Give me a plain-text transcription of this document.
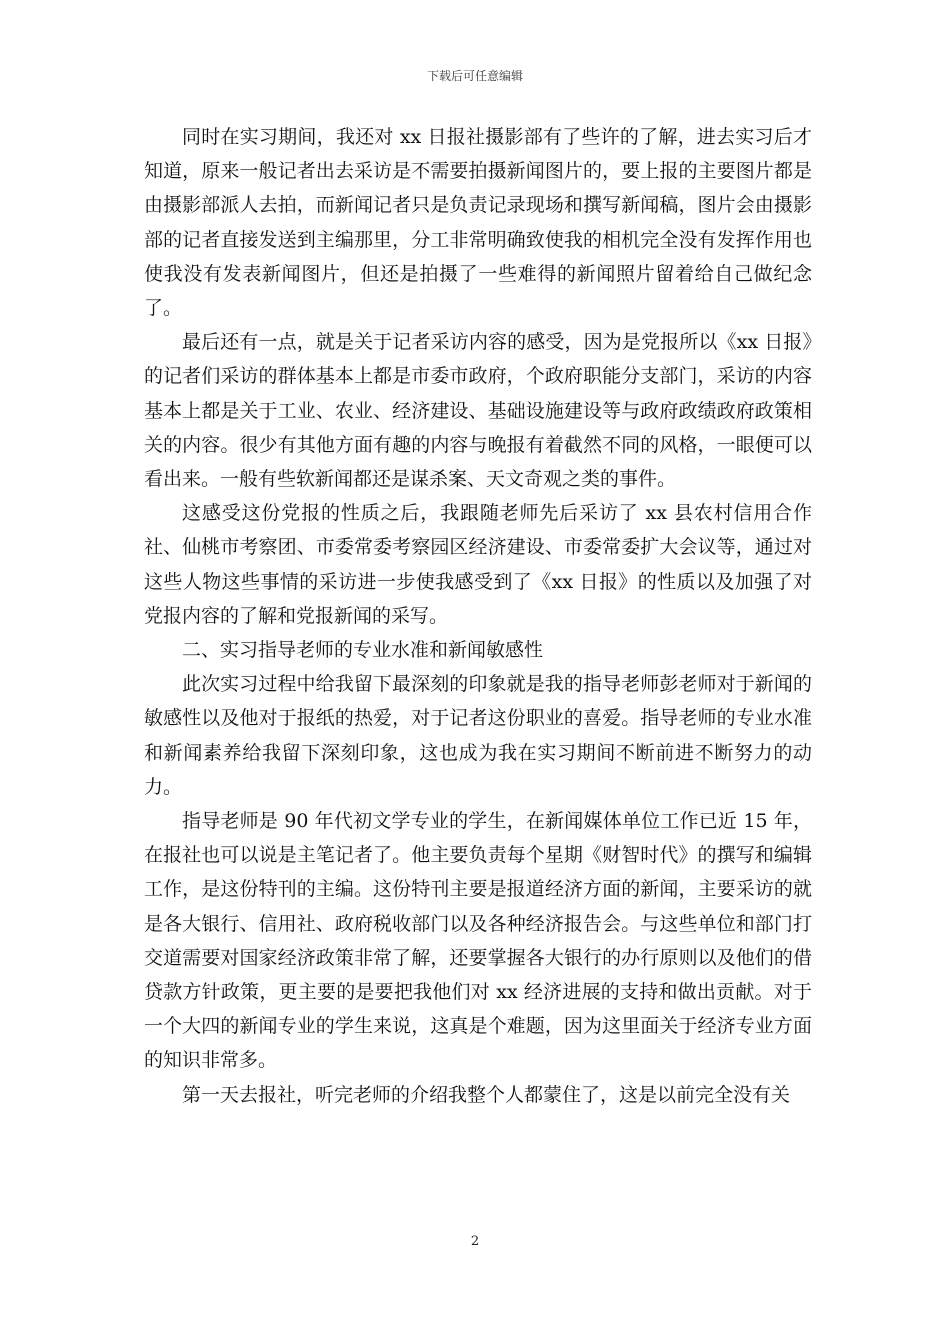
下载后可任意编辑

同时在实习期间，我还对 xx 日报社摄影部有了些许的了解，进去实习后才知道，原来一般记者出去采访是不需要拍摄新闻图片的，要上报的主要图片都是由摄影部派人去拍，而新闻记者只是负责记录现场和撰写新闻稿，图片会由摄影部的记者直接发送到主编那里，分工非常明确致使我的相机完全没有发挥作用也使我没有发表新闻图片，但还是拍摄了一些难得的新闻照片留着给自己做纪念了。

最后还有一点，就是关于记者采访内容的感受，因为是党报所以《xx 日报》的记者们采访的群体基本上都是市委市政府，个政府职能分支部门，采访的内容基本上都是关于工业、农业、经济建设、基础设施建设等与政府政绩政府政策相关的内容。很少有其他方面有趣的内容与晚报有着截然不同的风格，一眼便可以看出来。一般有些软新闻都还是谋杀案、天文奇观之类的事件。

这感受这份党报的性质之后，我跟随老师先后采访了 xx 县农村信用合作社、仙桃市考察团、市委常委考察园区经济建设、市委常委扩大会议等，通过对这些人物这些事情的采访进一步使我感受到了《xx 日报》的性质以及加强了对党报内容的了解和党报新闻的采写。

二、实习指导老师的专业水准和新闻敏感性

此次实习过程中给我留下最深刻的印象就是我的指导老师彭老师对于新闻的敏感性以及他对于报纸的热爱，对于记者这份职业的喜爱。指导老师的专业水准和新闻素养给我留下深刻印象，这也成为我在实习期间不断前进不断努力的动力。

指导老师是 90 年代初文学专业的学生，在新闻媒体单位工作已近 15 年，在报社也可以说是主笔记者了。他主要负责每个星期《财智时代》的撰写和编辑工作，是这份特刊的主编。这份特刊主要是报道经济方面的新闻，主要采访的就是各大银行、信用社、政府税收部门以及各种经济报告会。与这些单位和部门打交道需要对国家经济政策非常了解，还要掌握各大银行的办行原则以及他们的借贷款方针政策，更主要的是要把我他们对 xx 经济进展的支持和做出贡献。对于一个大四的新闻专业的学生来说，这真是个难题，因为这里面关于经济专业方面的知识非常多。

第一天去报社，听完老师的介绍我整个人都蒙住了，这是以前完全没有关

2
